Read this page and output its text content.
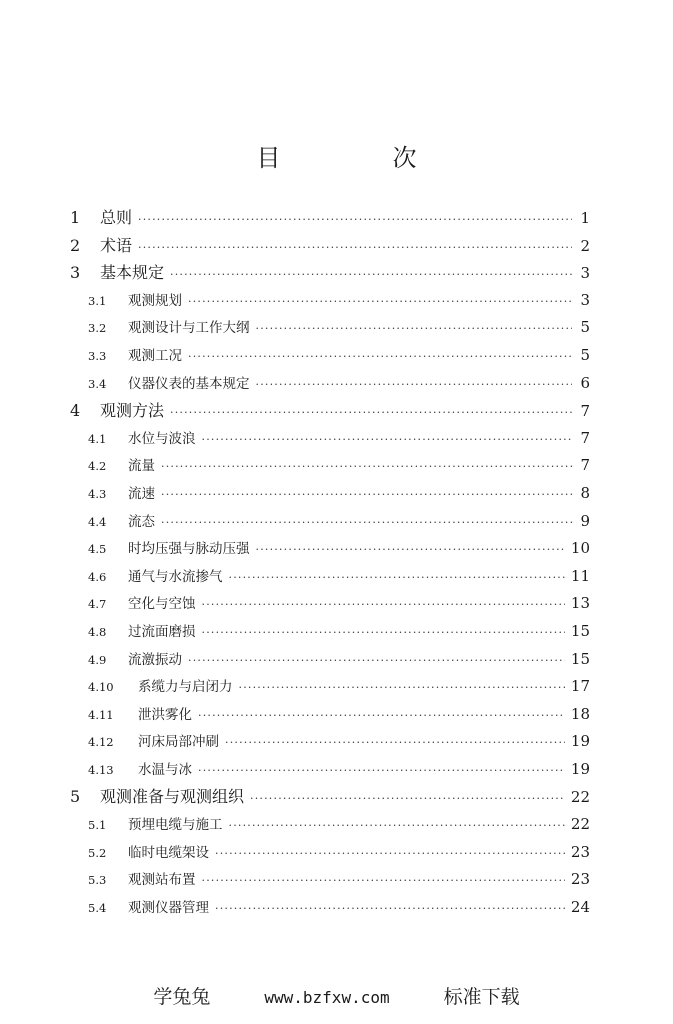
目　次
1	总则 ·····	1
2	术语 ·····	2
3	基本规定 ·····	3
3.1	观测规划 ·····	3
3.2	观测设计与工作大纲 ·····	5
3.3	观测工况 ·····	5
3.4	仪器仪表的基本规定 ·····	6
4	观测方法 ·····	7
4.1	水位与波浪 ·····	7
4.2	流量 ·····	7
4.3	流速 ·····	8
4.4	流态 ·····	9
4.5	时均压强与脉动压强 ·····	10
4.6	通气与水流掺气 ·····	11
4.7	空化与空蚀 ·····	13
4.8	过流面磨损 ·····	15
4.9	流激振动 ·····	15
4.10	系缆力与启闭力 ·····	17
4.11	泄洪雾化 ·····	18
4.12	河床局部冲刷 ·····	19
4.13	水温与冰 ·····	19
5	观测准备与观测组织 ·····	22
5.1	预埋电缆与施工 ·····	22
5.2	临时电缆架设 ·····	23
5.3	观测站布置 ·····	23
5.4	观测仪器管理 ·····	24
学兔兔	www.bzfxw.com	标准下载
